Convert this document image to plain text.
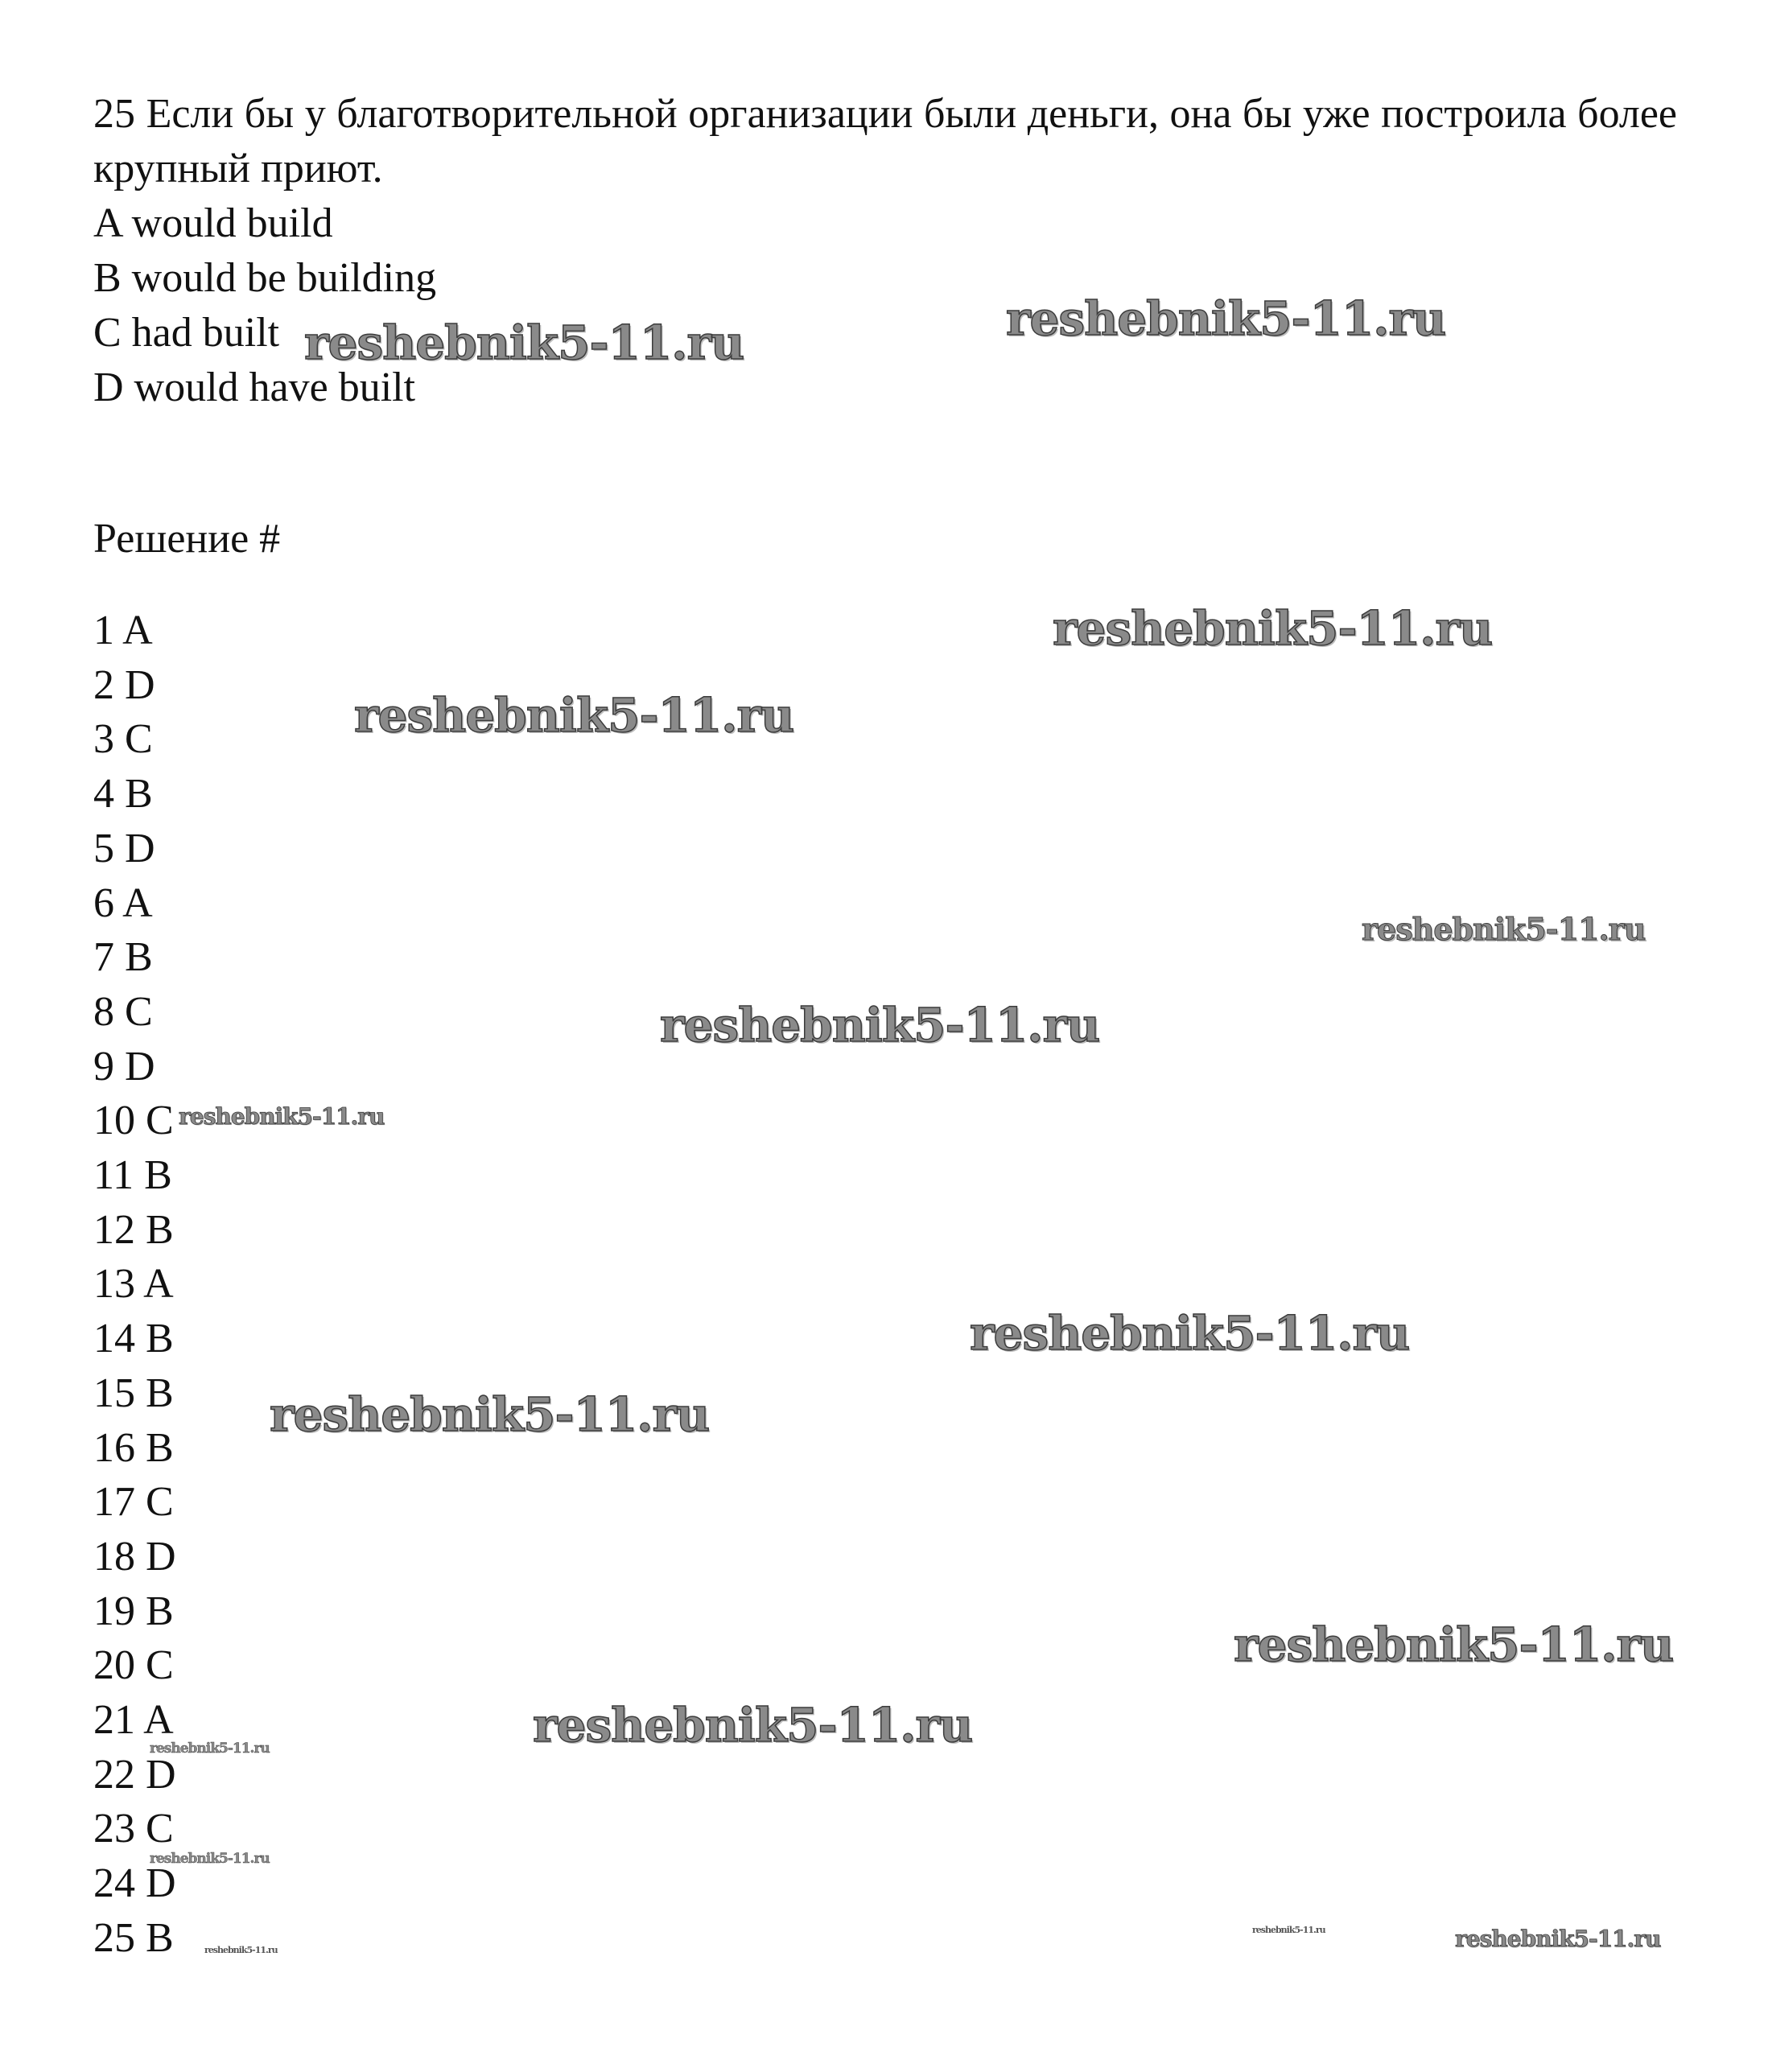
25 Если бы у благотворительной организации были деньги, она бы уже построила более крупный приют.

A would build

B would be building

C had built

D would have built

Решение #

1 A
2 D
3 C
4 B
5 D
6 A
7 B
8 C
9 D
10 C
11 B
12 B
13 A
14 B
15 B
16 B
17 C
18 D
19 B
20 C
21 A
22 D
23 C
24 D
25 B
reshebnik5-11.ru	reshebnik5-11.ru
reshebnik5-11.ru
reshebnik5-11.ru
reshebnik5-11.ru
reshebnik5-11.ru
reshebnik5-11.ru
reshebnik5-11.ru
reshebnik5-11.ru
reshebnik5-11.ru
reshebnik5-11.ru
reshebnik5-11.ru
reshebnik5-11.ru
reshebnik5-11.ru	reshebnik5-11.ru
reshebnik5-11.ru
